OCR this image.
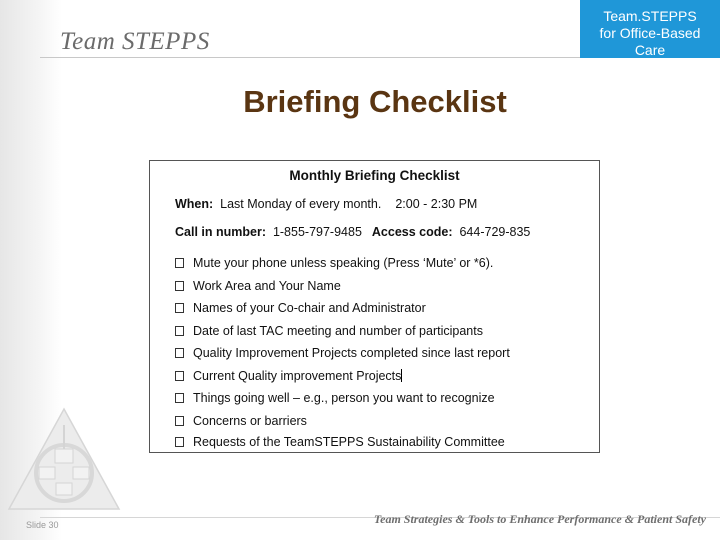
Team STEPPS
Team.STEPPS for Office-Based Care
Briefing Checklist
Monthly Briefing Checklist
When: Last Monday of every month. 2:00 - 2:30 PM
Call in number: 1-855-797-9485 Access code: 644-729-835
Mute your phone unless speaking (Press ‘Mute’ or *6).
Work Area and Your Name
Names of your Co-chair and Administrator
Date of last TAC meeting and number of participants
Quality Improvement Projects completed since last report
Current Quality improvement Projects
Things going well – e.g., person you want to recognize
Concerns or barriers
Requests of the TeamSTEPPS Sustainability Committee
Slide 30	Team Strategies & Tools to Enhance Performance & Patient Safety
